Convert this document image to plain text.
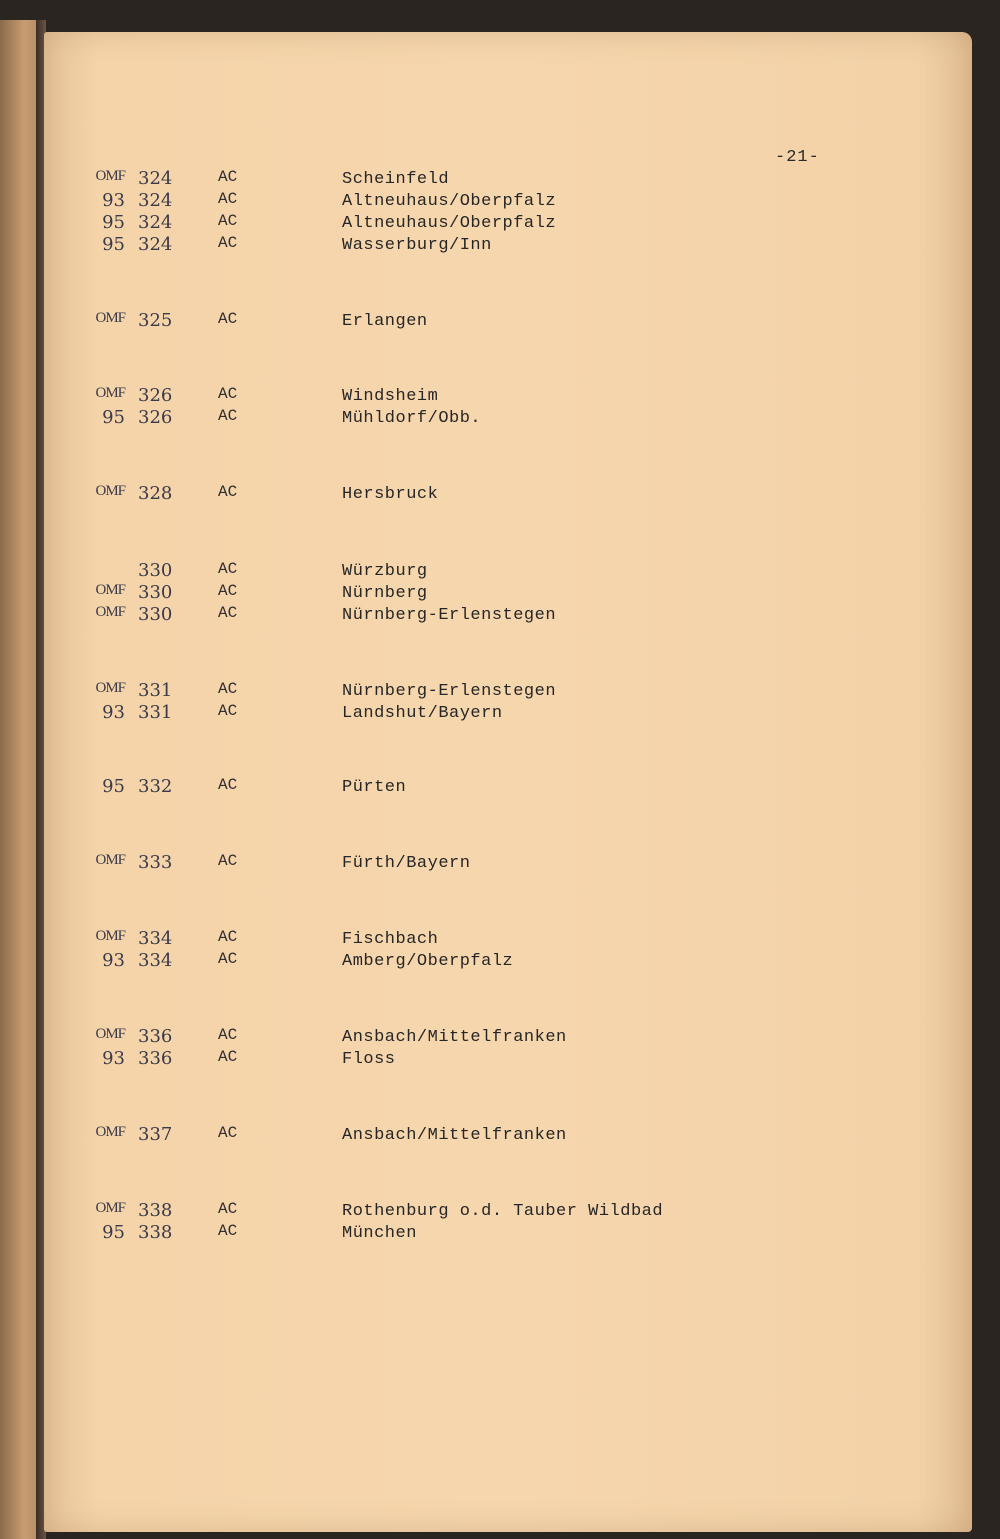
-21-
OMF 324	AC	Scheinfeld
93 324	AC	Altneuhaus/Oberpfalz
95 324	AC	Altneuhaus/Oberpfalz
95 324	AC	Wasserburg/Inn
OMF 325	AC	Erlangen
OMF 326	AC	Windsheim
95 326	AC	Mühldorf/Obb.
OMF 328	AC	Hersbruck
330	AC	Würzburg
OMF 330	AC	Nürnberg
OMF 330	AC	Nürnberg-Erlenstegen
OMF 331	AC	Nürnberg-Erlenstegen
93 331	AC	Landshut/Bayern
95 332	AC	Pürten
OMF 333	AC	Fürth/Bayern
OMF 334	AC	Fischbach
93 334	AC	Amberg/Oberpfalz
OMF 336	AC	Ansbach/Mittelfranken
93 336	AC	Floss
OMF 337	AC	Ansbach/Mittelfranken
OMF 338	AC	Rothenburg o.d. Tauber Wildbad
95 338	AC	München
